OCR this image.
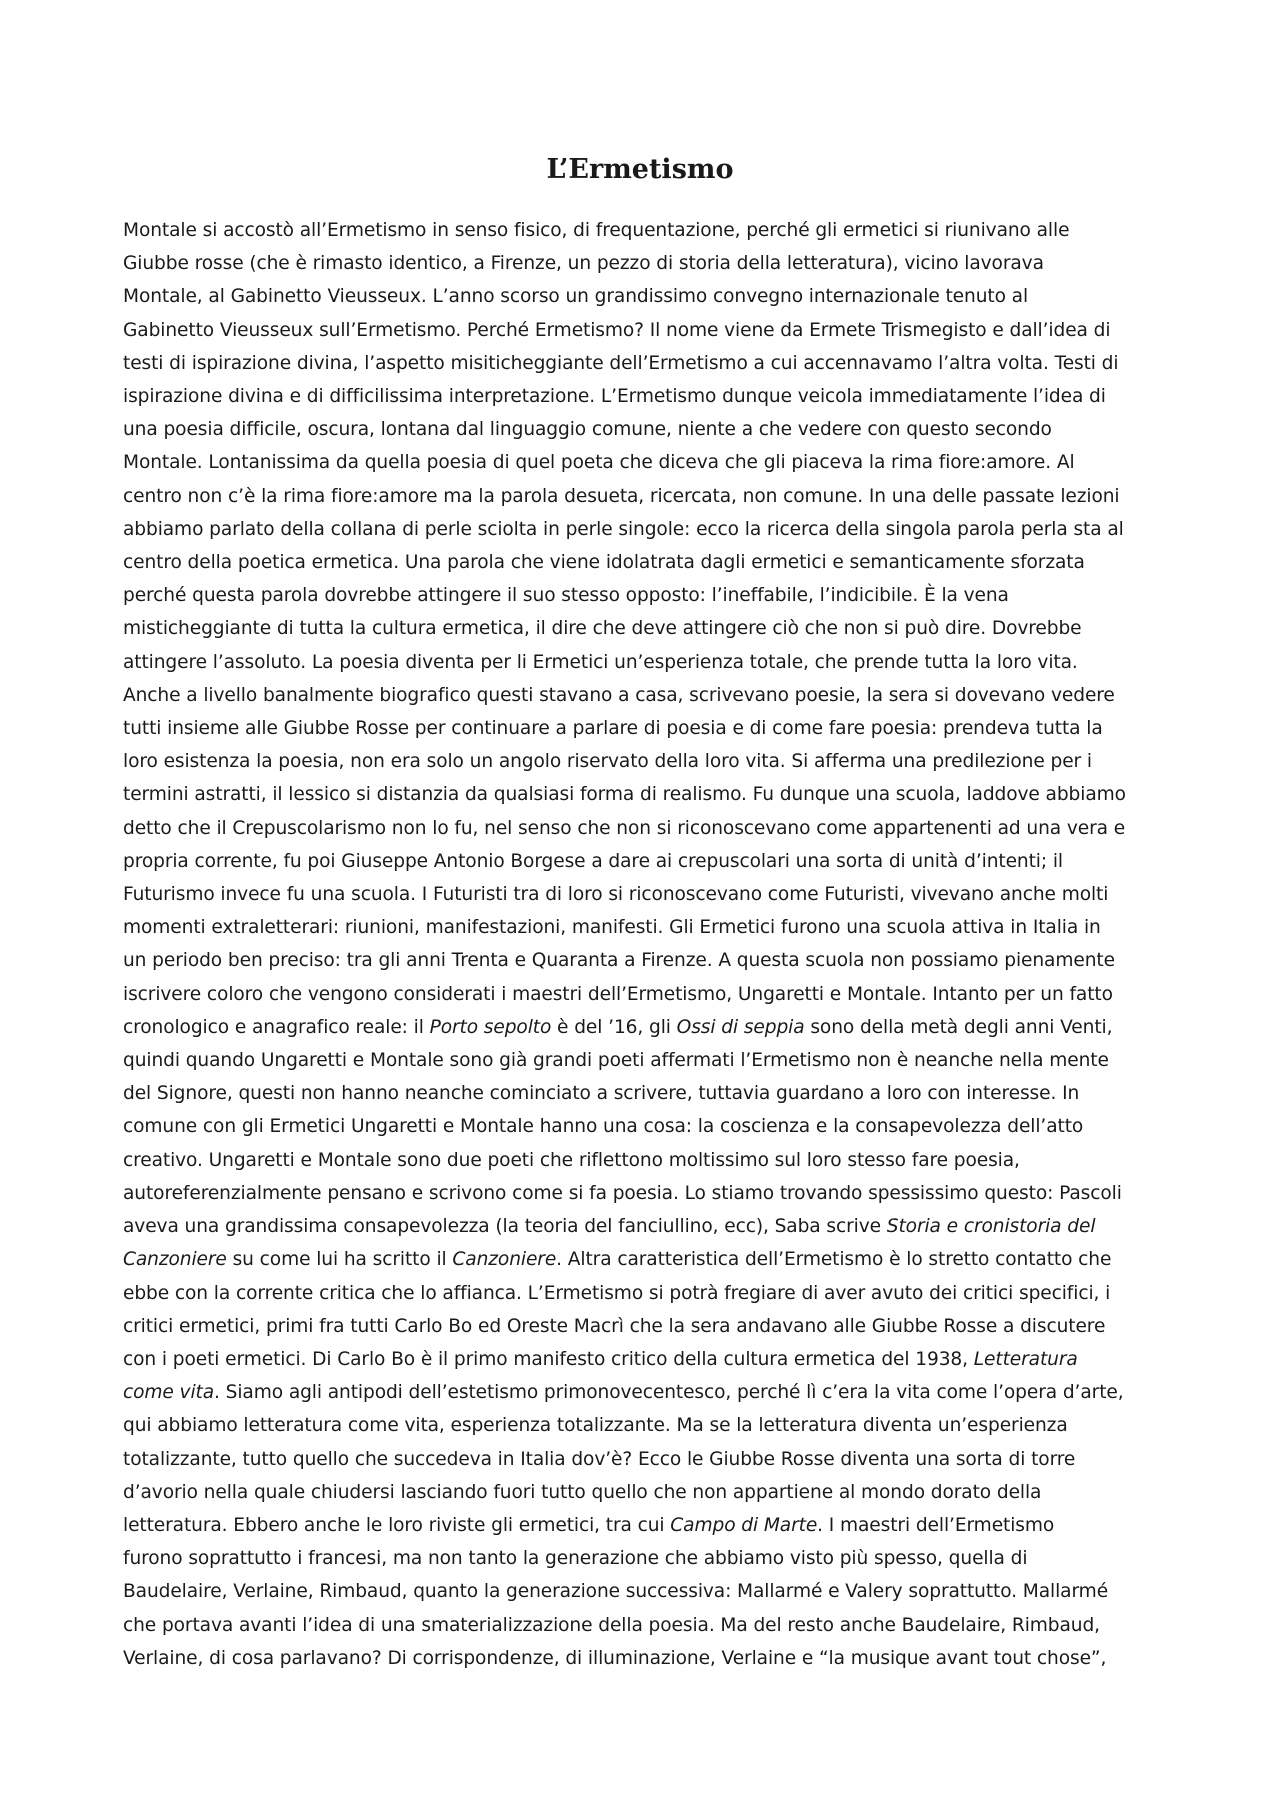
L’Ermetismo
Montale si accostò all’Ermetismo in senso fisico, di frequentazione, perché gli ermetici si riunivano alle
Giubbe rosse (che è rimasto identico, a Firenze, un pezzo di storia della letteratura), vicino lavorava
Montale, al Gabinetto Vieusseux. L’anno scorso un grandissimo convegno internazionale tenuto al
Gabinetto Vieusseux sull’Ermetismo. Perché Ermetismo? Il nome viene da Ermete Trismegisto e dall’idea di
testi di ispirazione divina, l’aspetto misiticheggiante dell’Ermetismo a cui accennavamo l’altra volta. Testi di
ispirazione divina e di difficilissima interpretazione. L’Ermetismo dunque veicola immediatamente l’idea di
una poesia difficile, oscura, lontana dal linguaggio comune, niente a che vedere con questo secondo
Montale. Lontanissima da quella poesia di quel poeta che diceva che gli piaceva la rima fiore:amore. Al
centro non c’è la rima fiore:amore ma la parola desueta, ricercata, non comune. In una delle passate lezioni
abbiamo parlato della collana di perle sciolta in perle singole: ecco la ricerca della singola parola perla sta al
centro della poetica ermetica. Una parola che viene idolatrata dagli ermetici e semanticamente sforzata
perché questa parola dovrebbe attingere il suo stesso opposto: l’ineffabile, l’indicibile. È la vena
misticheggiante di tutta la cultura ermetica, il dire che deve attingere ciò che non si può dire. Dovrebbe
attingere l’assoluto. La poesia diventa per li Ermetici un’esperienza totale, che prende tutta la loro vita.
Anche a livello banalmente biografico questi stavano a casa, scrivevano poesie, la sera si dovevano vedere
tutti insieme alle Giubbe Rosse per continuare a parlare di poesia e di come fare poesia: prendeva tutta la
loro esistenza la poesia, non era solo un angolo riservato della loro vita. Si afferma una predilezione per i
termini astratti, il lessico si distanzia da qualsiasi forma di realismo. Fu dunque una scuola, laddove abbiamo
detto che il Crepuscolarismo non lo fu, nel senso che non si riconoscevano come appartenenti ad una vera e
propria corrente, fu poi Giuseppe Antonio Borgese a dare ai crepuscolari una sorta di unità d’intenti; il
Futurismo invece fu una scuola. I Futuristi tra di loro si riconoscevano come Futuristi, vivevano anche molti
momenti extraletterari: riunioni, manifestazioni, manifesti. Gli Ermetici furono una scuola attiva in Italia in
un periodo ben preciso: tra gli anni Trenta e Quaranta a Firenze. A questa scuola non possiamo pienamente
iscrivere coloro che vengono considerati i maestri dell’Ermetismo, Ungaretti e Montale. Intanto per un fatto
cronologico e anagrafico reale: il Porto sepolto è del ’16, gli Ossi di seppia sono della metà degli anni Venti,
quindi quando Ungaretti e Montale sono già grandi poeti affermati l’Ermetismo non è neanche nella mente
del Signore, questi non hanno neanche cominciato a scrivere, tuttavia guardano a loro con interesse. In
comune con gli Ermetici Ungaretti e Montale hanno una cosa: la coscienza e la consapevolezza dell’atto
creativo. Ungaretti e Montale sono due poeti che riflettono moltissimo sul loro stesso fare poesia,
autoreferenzialmente pensano e scrivono come si fa poesia. Lo stiamo trovando spessissimo questo: Pascoli
aveva una grandissima consapevolezza (la teoria del fanciullino, ecc), Saba scrive Storia e cronistoria del
Canzoniere su come lui ha scritto il Canzoniere. Altra caratteristica dell’Ermetismo è lo stretto contatto che
ebbe con la corrente critica che lo affianca. L’Ermetismo si potrà fregiare di aver avuto dei critici specifici, i
critici ermetici, primi fra tutti Carlo Bo ed Oreste Macrì che la sera andavano alle Giubbe Rosse a discutere
con i poeti ermetici. Di Carlo Bo è il primo manifesto critico della cultura ermetica del 1938, Letteratura
come vita. Siamo agli antipodi dell’estetismo primonovecentesco, perché lì c’era la vita come l’opera d’arte,
qui abbiamo letteratura come vita, esperienza totalizzante. Ma se la letteratura diventa un’esperienza
totalizzante, tutto quello che succedeva in Italia dov’è? Ecco le Giubbe Rosse diventa una sorta di torre
d’avorio nella quale chiudersi lasciando fuori tutto quello che non appartiene al mondo dorato della
letteratura. Ebbero anche le loro riviste gli ermetici, tra cui Campo di Marte. I maestri dell’Ermetismo
furono soprattutto i francesi, ma non tanto la generazione che abbiamo visto più spesso, quella di
Baudelaire, Verlaine, Rimbaud, quanto la generazione successiva: Mallarmé e Valery soprattutto. Mallarmé
che portava avanti l’idea di una smaterializzazione della poesia. Ma del resto anche Baudelaire, Rimbaud,
Verlaine, di cosa parlavano? Di corrispondenze, di illuminazione, Verlaine e “la musique avant tout chose”,
